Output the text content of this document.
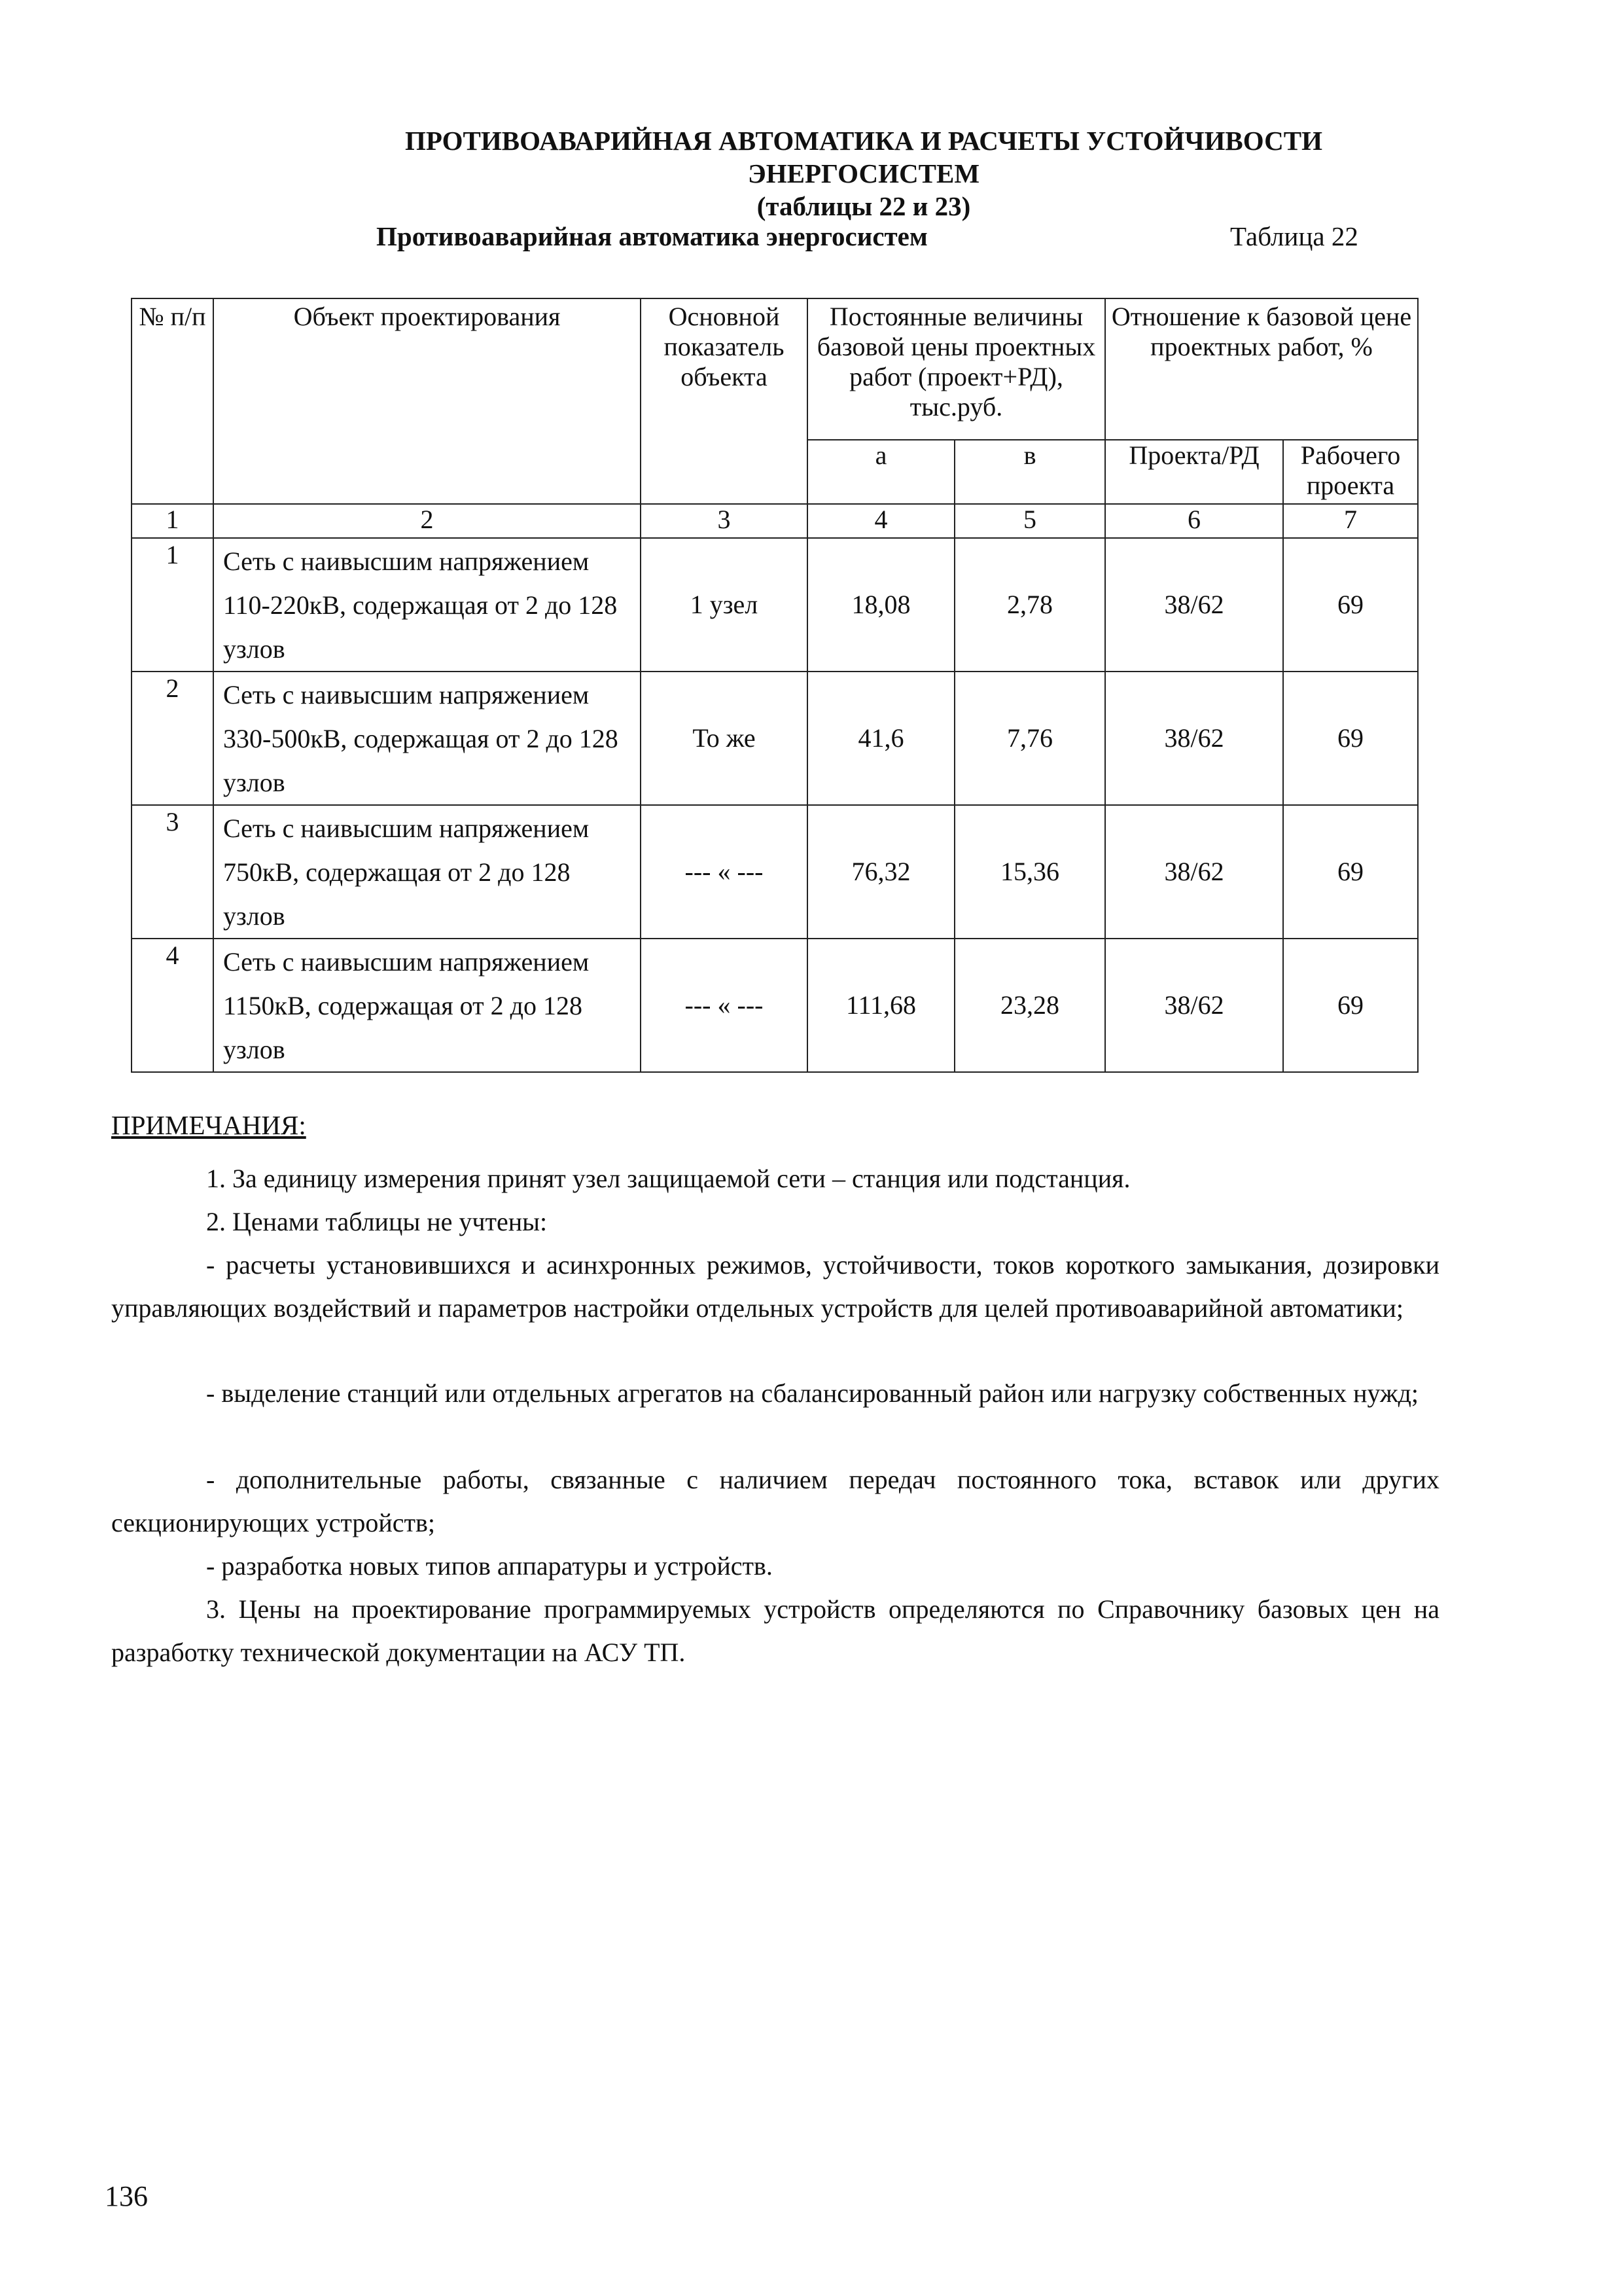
ПРОТИВОАВАРИЙНАЯ АВТОМАТИКА И РАСЧЕТЫ УСТОЙЧИВОСТИ
ЭНЕРГОСИСТЕМ
(таблицы 22 и 23)
Противоаварийная автоматика энергосистем	Таблица 22
№ п/п	Объект проектирования	Основной показатель объекта	Постоянные величины базовой цены проектных работ (проект+РД), тыс.руб.		Отношение к базовой цене проектных работ, %	
			а	в	Проекта/РД	Рабочего проекта
1	2	3	4	5	6	7
1	Сеть с наивысшим напряжением 110-220кВ, содержащая от 2 до 128 узлов	1 узел	18,08	2,78	38/62	69
2	Сеть с наивысшим напряжением 330-500кВ, содержащая от 2 до 128 узлов	То же	41,6	7,76	38/62	69
3	Сеть с наивысшим напряжением 750кВ, содержащая от 2 до 128 узлов	--- « ---	76,32	15,36	38/62	69
4	Сеть с наивысшим напряжением 1150кВ, содержащая от 2 до 128 узлов	--- « ---	111,68	23,28	38/62	69
ПРИМЕЧАНИЯ:
1. За единицу измерения принят узел защищаемой сети – станция или подстанция.
2. Ценами таблицы не учтены:
- расчеты установившихся и асинхронных режимов, устойчивости, токов короткого замыкания, дозировки управляющих воздействий и параметров настройки отдельных устройств для целей противоаварийной автоматики;
- выделение станций или отдельных агрегатов на сбалансированный район или нагрузку собственных нужд;
- дополнительные работы, связанные с наличием передач постоянного тока, вставок или других секционирующих устройств;
- разработка новых типов аппаратуры и устройств.
3. Цены на проектирование программируемых устройств определяются по Справочнику базовых цен на разработку технической документации на АСУ ТП.
136
